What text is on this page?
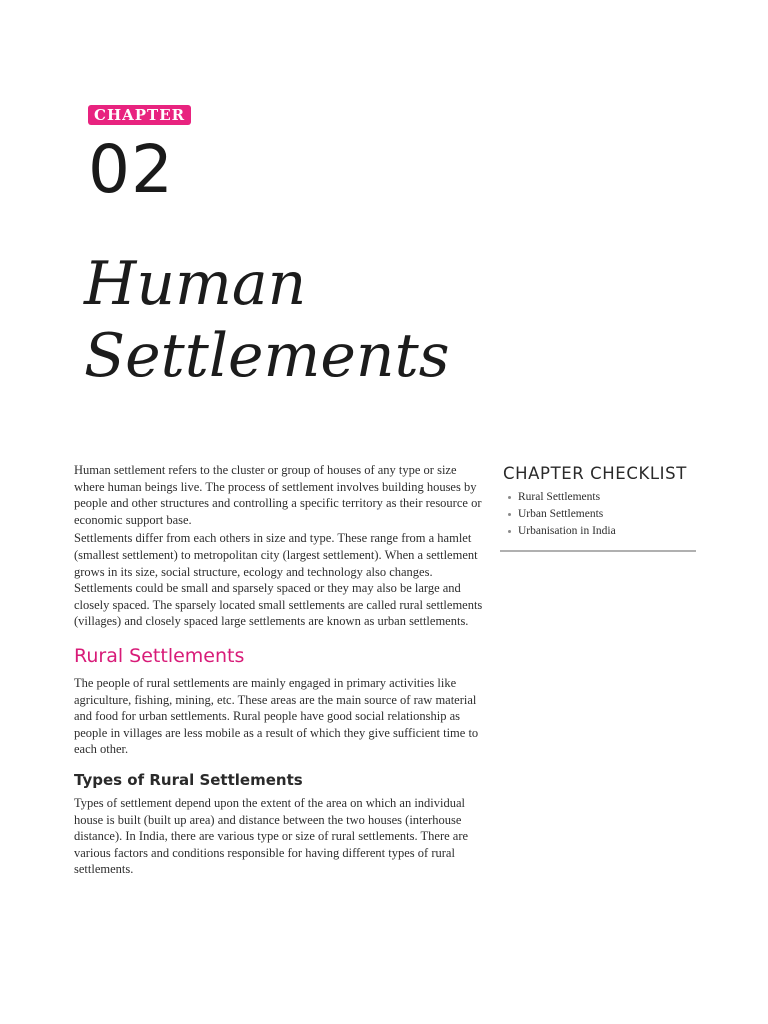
CHAPTER
02
Human Settlements

Human settlement refers to the cluster or group of houses of any type or size where human beings live. The process of settlement involves building houses by people and other structures and controlling a specific territory as their resource or economic support base.

Settlements differ from each others in size and type. These range from a hamlet (smallest settlement) to metropolitan city (largest settlement). When a settlement grows in its size, social structure, ecology and technology also changes. Settlements could be small and sparsely spaced or they may also be large and closely spaced. The sparsely located small settlements are called rural settlements (villages) and closely spaced large settlements are known as urban settlements.

Rural Settlements

The people of rural settlements are mainly engaged in primary activities like agriculture, fishing, mining, etc. These areas are the main source of raw material and food for urban settlements. Rural people have good social relationship as people in villages are less mobile as a result of which they give sufficient time to each other.

Types of Rural Settlements

Types of settlement depend upon the extent of the area on which an individual house is built (built up area) and distance between the two houses (interhouse distance). In India, there are various type or size of rural settlements. There are various factors and conditions responsible for having different types of rural settlements.

CHAPTER CHECKLIST
Rural Settlements
Urban Settlements
Urbanisation in India
